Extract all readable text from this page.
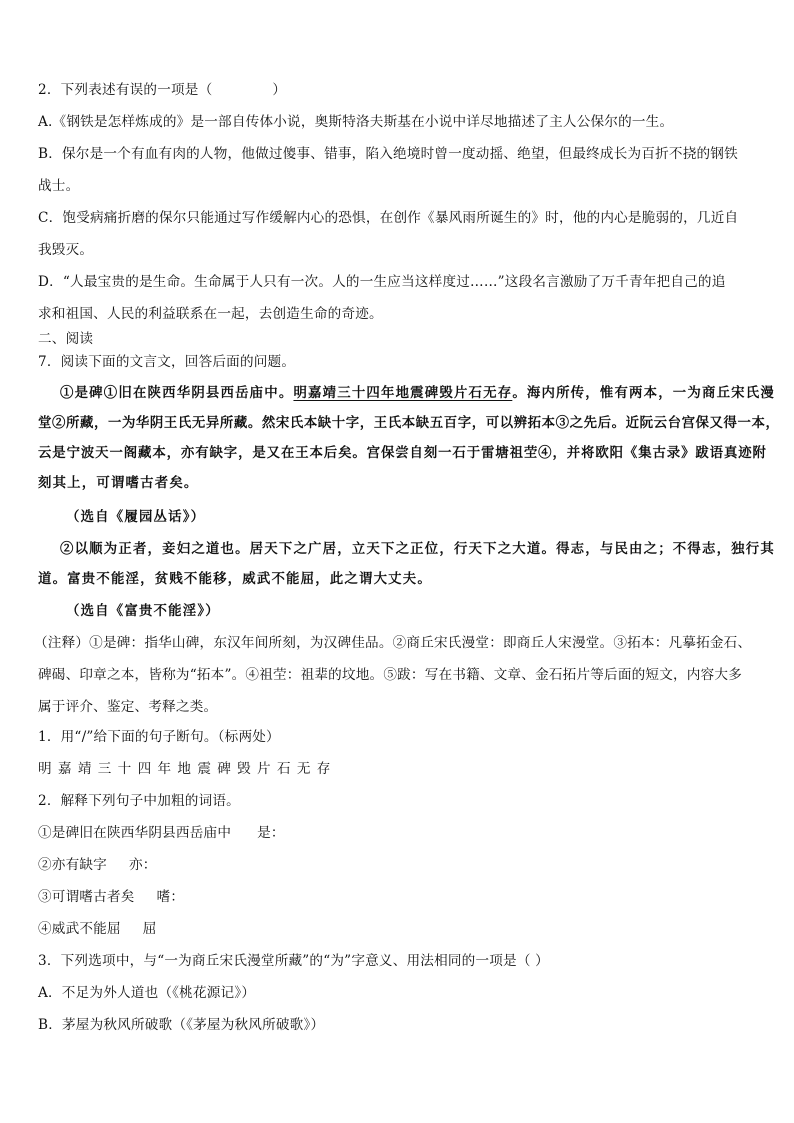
2．下列表述有误的一项是（	）
A.《钢铁是怎样炼成的》是一部自传体小说，奥斯特洛夫斯基在小说中详尽地描述了主人公保尔的一生。
B．保尔是一个有血有肉的人物，他做过傻事、错事，陷入绝境时曾一度动摇、绝望，但最终成长为百折不挠的钢铁
战士。
C．饱受病痛折磨的保尔只能通过写作缓解内心的恐惧，在创作《暴风雨所诞生的》时，他的内心是脆弱的，几近自
我毁灭。
D．“人最宝贵的是生命。生命属于人只有一次。人的一生应当这样度过……”这段名言激励了万千青年把自己的追
求和祖国、人民的利益联系在一起，去创造生命的奇迹。
二、阅读
7．阅读下面的文言文，回答后面的问题。
①是碑①旧在陕西华阴县西岳庙中。明嘉靖三十四年地震碑毁片石无存。海内所传，惟有两本，一为商丘宋氏漫
堂②所藏，一为华阴王氏无异所藏。然宋氏本缺十字，王氏本缺五百字，可以辨拓本③之先后。近阮云台宫保又得一本，
云是宁波天一阁藏本，亦有缺字，是又在王本后矣。宫保尝自刻一石于雷塘祖茔④，并将欧阳《集古录》跋语真迹附
刻其上，可谓嗜古者矣。
（选自《履园丛话》）
②以顺为正者，妾妇之道也。居天下之广居，立天下之正位，行天下之大道。得志，与民由之；不得志，独行其
道。富贵不能淫，贫贱不能移，威武不能屈，此之谓大丈夫。
（选自《富贵不能淫》）
（注释）①是碑：指华山碑，东汉年间所刻，为汉碑佳品。②商丘宋氏漫堂：即商丘人宋漫堂。③拓本：凡摹拓金石、
碑碣、印章之本，皆称为“拓本”。④祖茔：祖辈的坟地。⑤跋：写在书籍、文章、金石拓片等后面的短文，内容大多
属于评介、鉴定、考释之类。
1．用“/”给下面的句子断句。（标两处）
明 嘉 靖 三 十 四 年 地 震 碑 毁 片 石 无 存
2．解释下列句子中加粗的词语。
①是碑旧在陕西华阴县西岳庙中 是：
②亦有缺字 亦：
③可谓嗜古者矣 嗜：
④威武不能屈 屈
3．下列选项中，与“一为商丘宋氏漫堂所藏”的“为”字意义、用法相同的一项是（ ）
A．不足为外人道也（《桃花源记》）
B．茅屋为秋风所破歌（《茅屋为秋风所破歌》）
